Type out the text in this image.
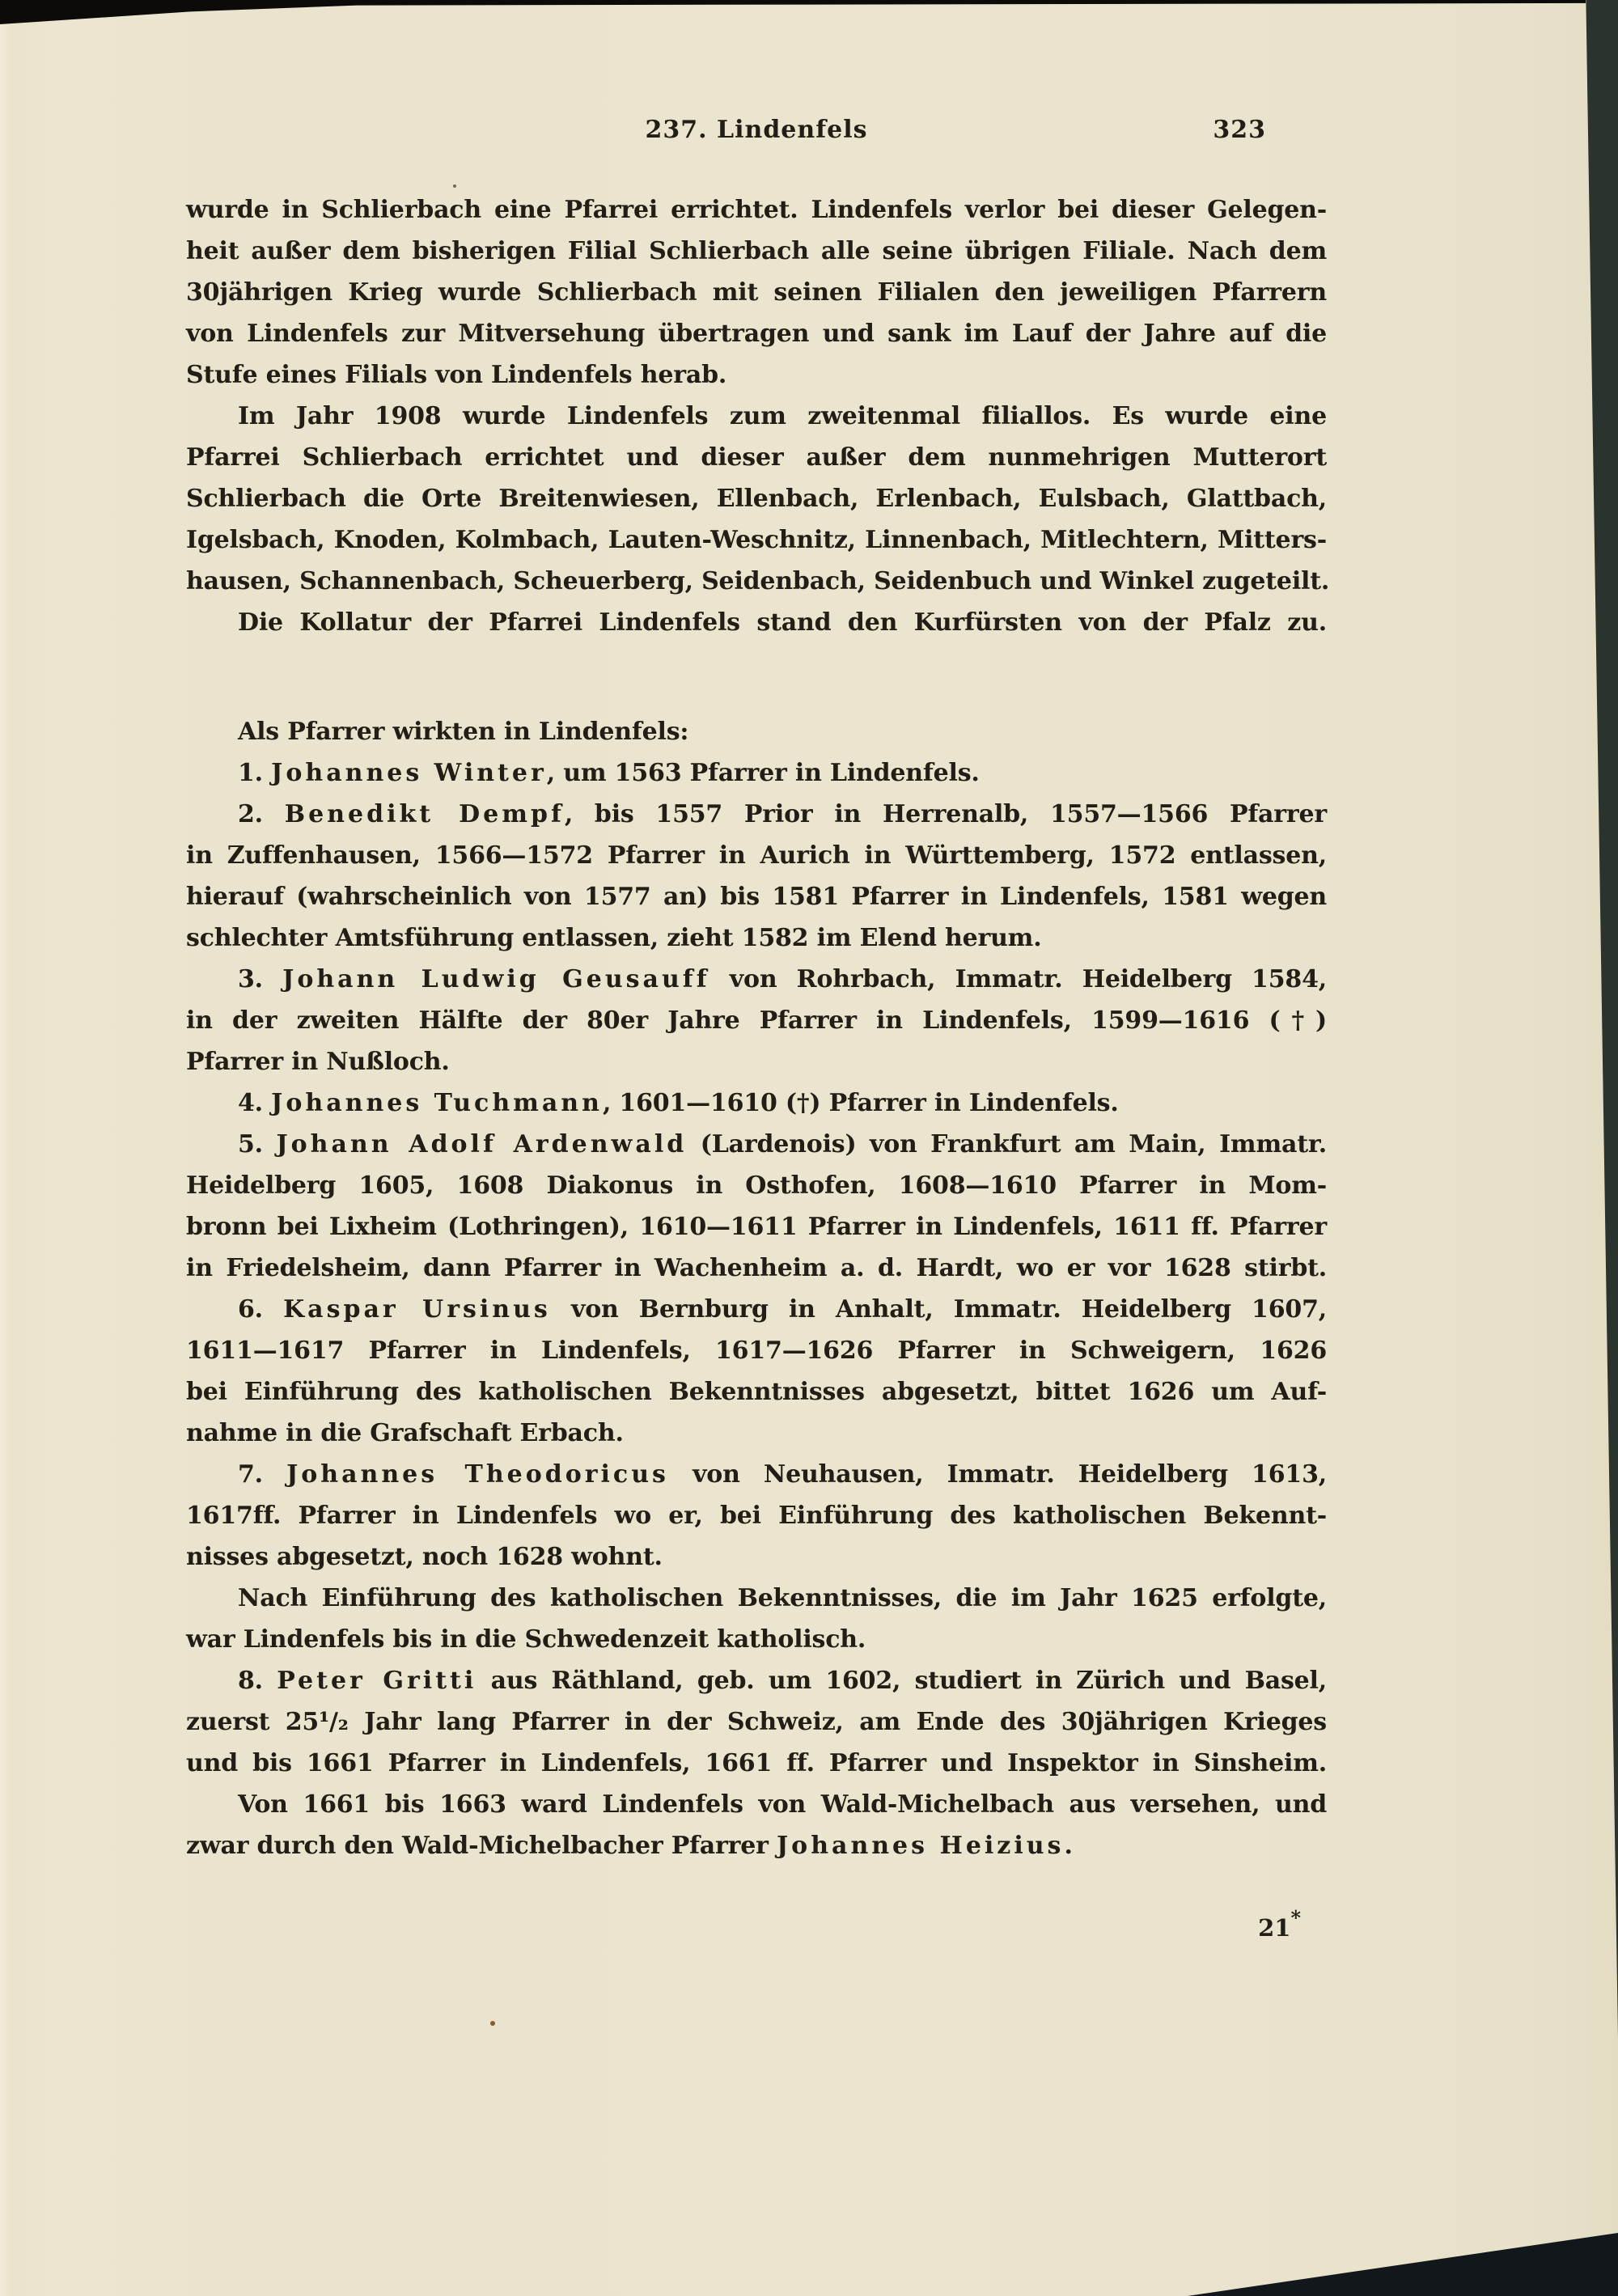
237. Lindenfels	323
wurde in Schlierbach eine Pfarrei errichtet. Lindenfels verlor bei dieser Gelegen-
heit außer dem bisherigen Filial Schlierbach alle seine übrigen Filiale. Nach dem
30jährigen Krieg wurde Schlierbach mit seinen Filialen den jeweiligen Pfarrern
von Lindenfels zur Mitversehung übertragen und sank im Lauf der Jahre auf die
Stufe eines Filials von Lindenfels herab.
Im Jahr 1908 wurde Lindenfels zum zweitenmal filiallos. Es wurde eine
Pfarrei Schlierbach errichtet und dieser außer dem nunmehrigen Mutterort
Schlierbach die Orte Breitenwiesen, Ellenbach, Erlenbach, Eulsbach, Glattbach,
Igelsbach, Knoden, Kolmbach, Lauten-Weschnitz, Linnenbach, Mitlechtern, Mitters-
hausen, Schannenbach, Scheuerberg, Seidenbach, Seidenbuch und Winkel zugeteilt.
Die Kollatur der Pfarrei Lindenfels stand den Kurfürsten von der Pfalz zu.
Als Pfarrer wirkten in Lindenfels:
1. Johannes Winter, um 1563 Pfarrer in Lindenfels.
2. Benedikt Dempf, bis 1557 Prior in Herrenalb, 1557—1566 Pfarrer
in Zuffenhausen, 1566—1572 Pfarrer in Aurich in Württemberg, 1572 entlassen,
hierauf (wahrscheinlich von 1577 an) bis 1581 Pfarrer in Lindenfels, 1581 wegen
schlechter Amtsführung entlassen, zieht 1582 im Elend herum.
3. Johann Ludwig Geusauff von Rohrbach, Immatr. Heidelberg 1584,
in der zweiten Hälfte der 80er Jahre Pfarrer in Lindenfels, 1599—1616 (†)
Pfarrer in Nußloch.
4. Johannes Tuchmann, 1601—1610 (†) Pfarrer in Lindenfels.
5. Johann Adolf Ardenwald (Lardenois) von Frankfurt am Main, Immatr.
Heidelberg 1605, 1608 Diakonus in Osthofen, 1608—1610 Pfarrer in Mom-
bronn bei Lixheim (Lothringen), 1610—1611 Pfarrer in Lindenfels, 1611 ff. Pfarrer
in Friedelsheim, dann Pfarrer in Wachenheim a. d. Hardt, wo er vor 1628 stirbt.
6. Kaspar Ursinus von Bernburg in Anhalt, Immatr. Heidelberg 1607,
1611—1617 Pfarrer in Lindenfels, 1617—1626 Pfarrer in Schweigern, 1626
bei Einführung des katholischen Bekenntnisses abgesetzt, bittet 1626 um Auf-
nahme in die Grafschaft Erbach.
7. Johannes Theodoricus von Neuhausen, Immatr. Heidelberg 1613,
1617ff. Pfarrer in Lindenfels wo er, bei Einführung des katholischen Bekennt-
nisses abgesetzt, noch 1628 wohnt.
Nach Einführung des katholischen Bekenntnisses, die im Jahr 1625 erfolgte,
war Lindenfels bis in die Schwedenzeit katholisch.
8. Peter Gritti aus Räthland, geb. um 1602, studiert in Zürich und Basel,
zuerst 25¹/₂ Jahr lang Pfarrer in der Schweiz, am Ende des 30jährigen Krieges
und bis 1661 Pfarrer in Lindenfels, 1661 ff. Pfarrer und Inspektor in Sinsheim.
Von 1661 bis 1663 ward Lindenfels von Wald-Michelbach aus versehen, und
zwar durch den Wald-Michelbacher Pfarrer Johannes Heizius.
21*
